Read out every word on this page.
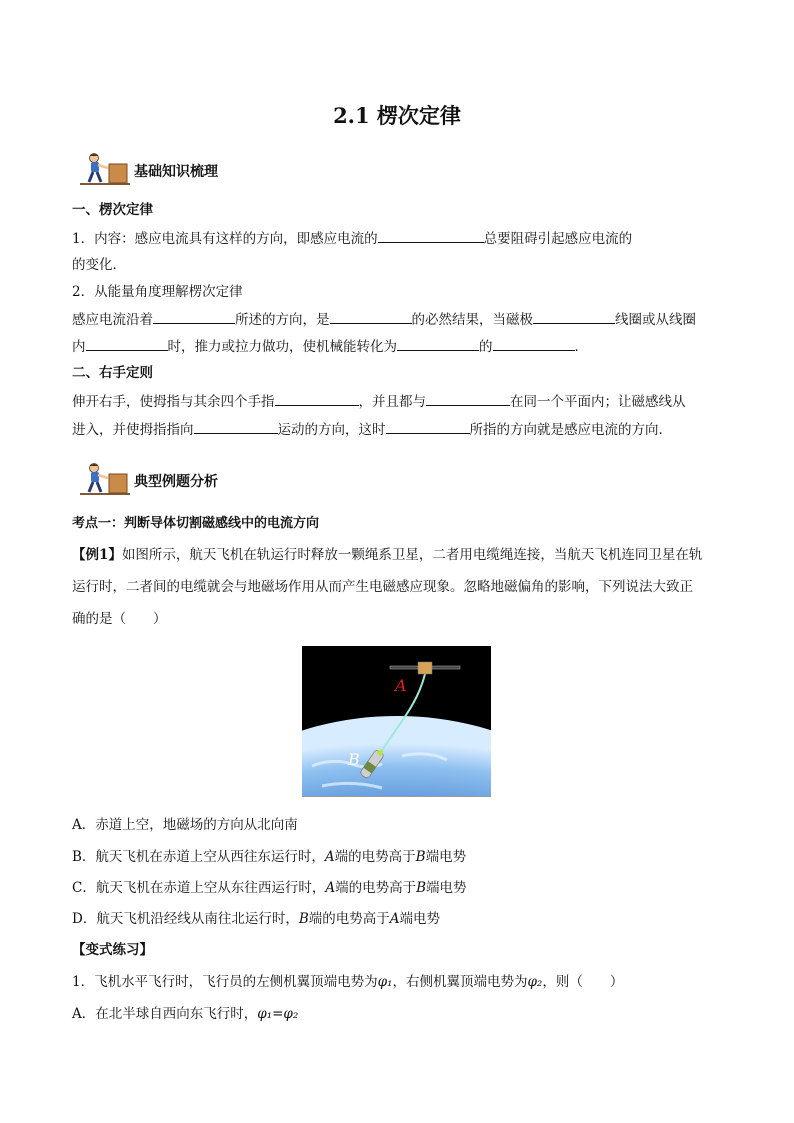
2.1 楞次定律
基础知识梳理
一、楞次定律
1．内容：感应电流具有这样的方向，即感应电流的	总要阻碍引起感应电流的
的变化．
2．从能量角度理解楞次定律
感应电流沿着	所述的方向，是	的必然结果，当磁极	线圈或从线圈
内	时，推力或拉力做功，使机械能转化为	的	．
二、右手定则
伸开右手，使拇指与其余四个手指	，并且都与	在同一个平面内；让磁感线从
进入，并使拇指指向	运动的方向，这时	所指的方向就是感应电流的方向．
典型例题分析
考点一：判断导体切割磁感线中的电流方向
【例1】如图所示，航天飞机在轨运行时释放一颗绳系卫星，二者用电缆绳连接，当航天飞机连同卫星在轨
运行时，二者间的电缆就会与地磁场作用从而产生电磁感应现象。忽略地磁偏角的影响，下列说法大致正
确的是（　　）
A
B
A．赤道上空，地磁场的方向从北向南
B．航天飞机在赤道上空从西往东运行时，A端的电势高于B端电势
C．航天飞机在赤道上空从东往西运行时，A端的电势高于B端电势
D．航天飞机沿经线从南往北运行时，B端的电势高于A端电势
【变式练习】
1．飞机水平飞行时，飞行员的左侧机翼顶端电势为φ₁，右侧机翼顶端电势为φ₂，则（　　）
A．在北半球自西向东飞行时，φ₁=φ₂
